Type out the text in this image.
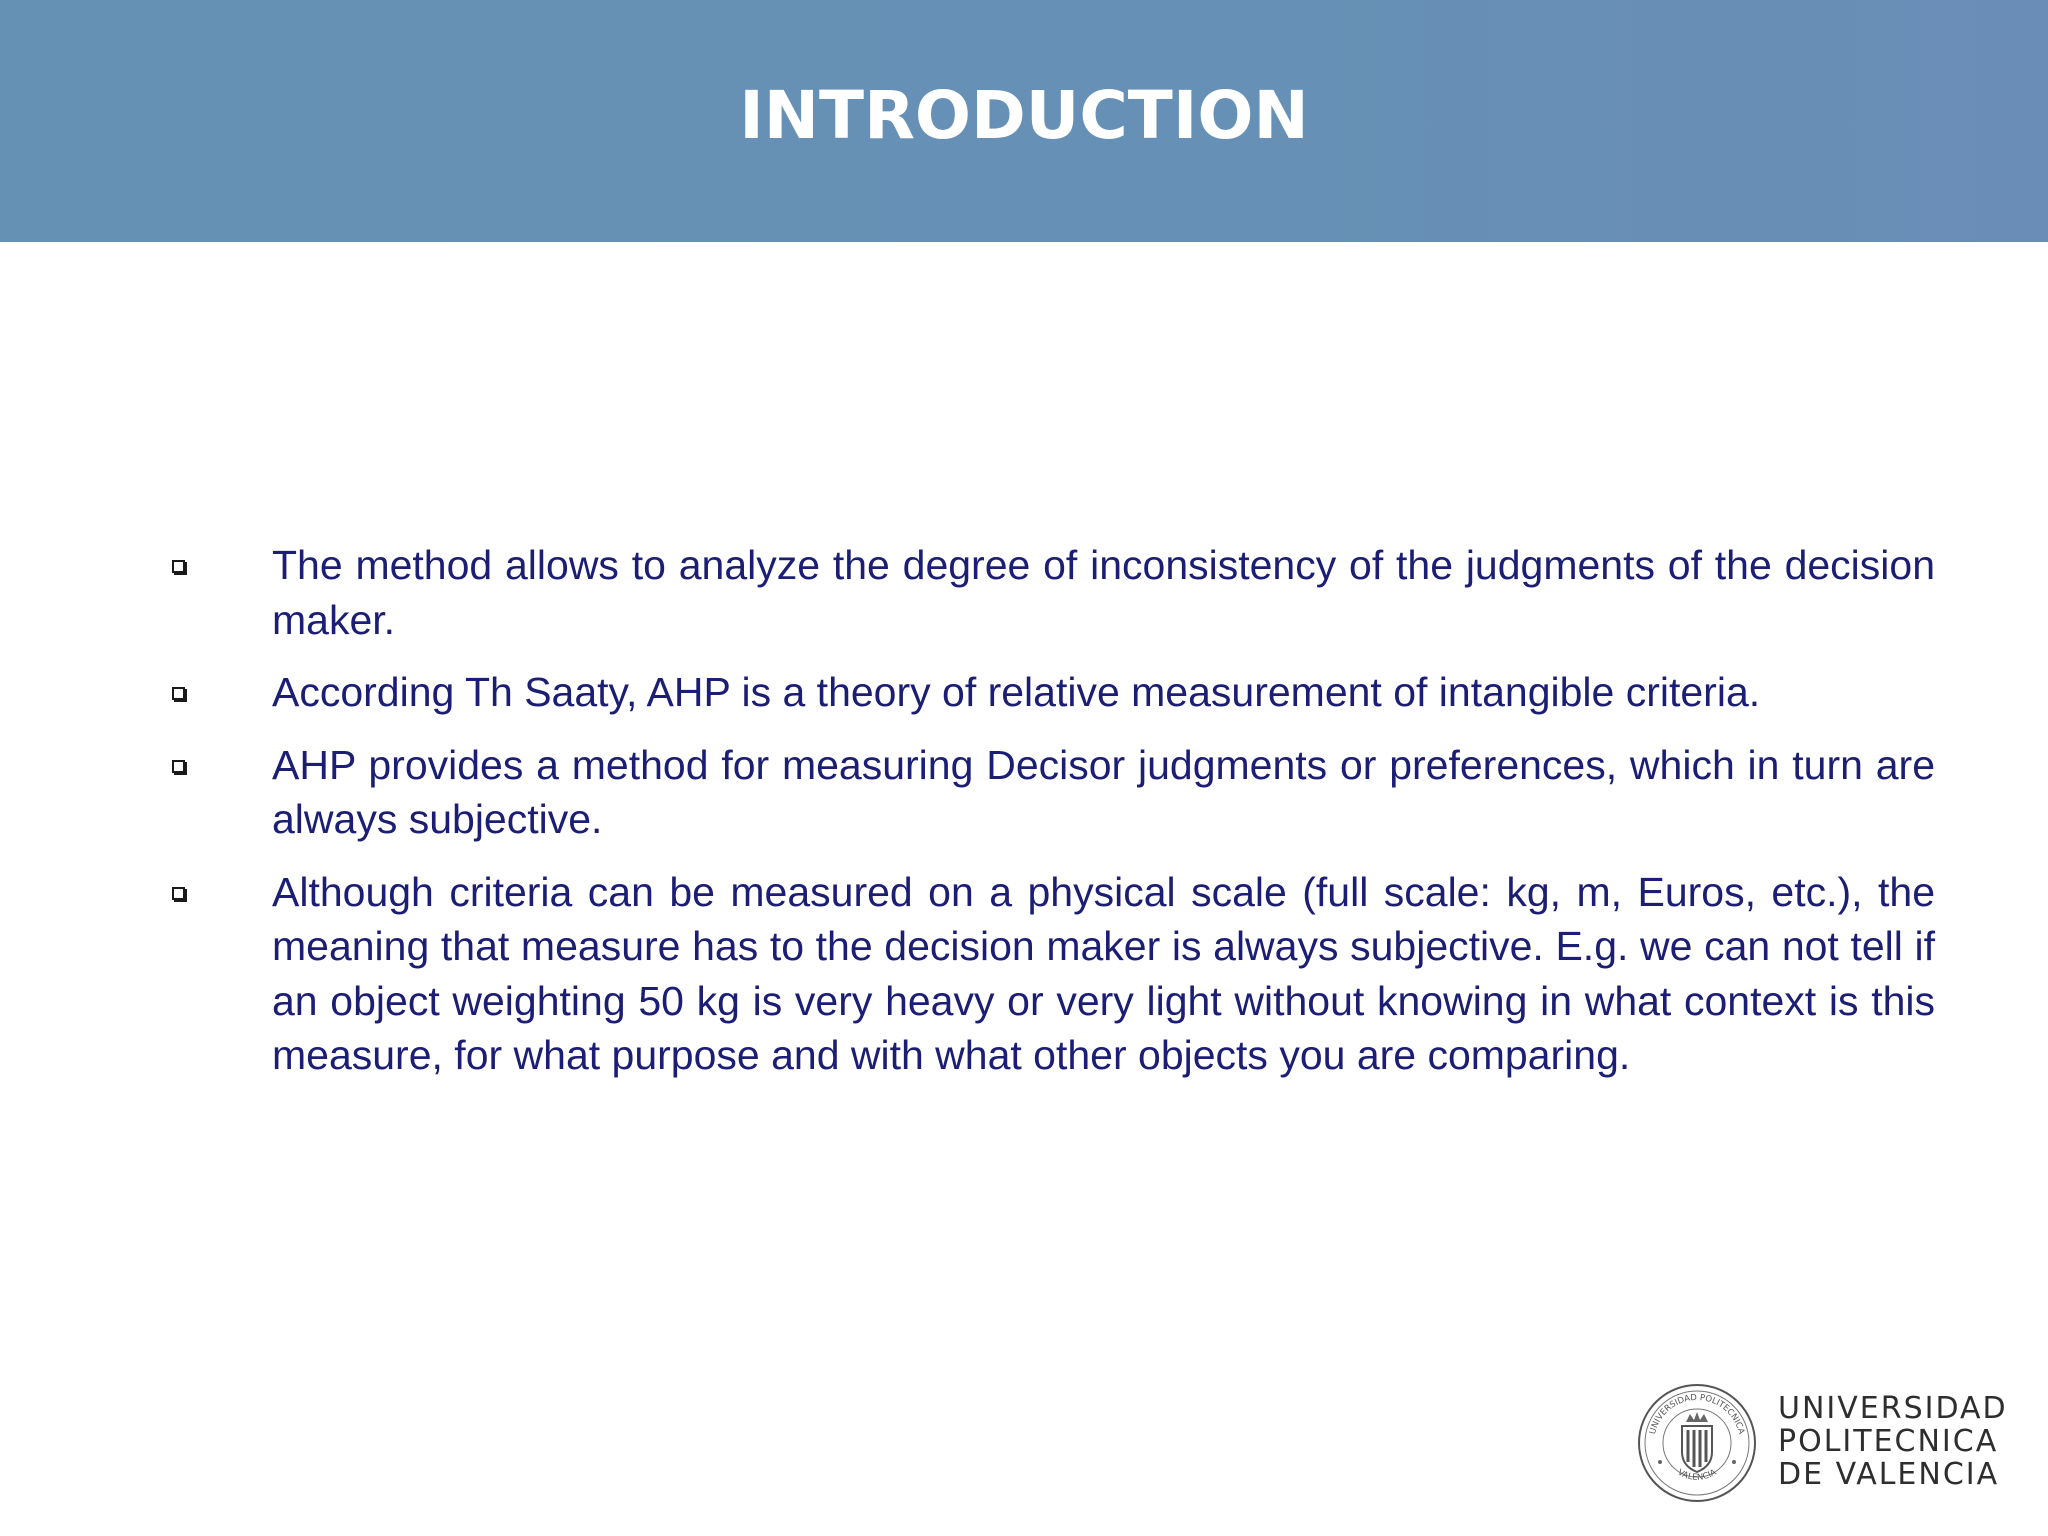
INTRODUCTION
The method allows to analyze the degree of inconsistency of the judgments of the decision maker.
According Th Saaty, AHP is a theory of relative measurement of intangible criteria.
AHP provides a method for measuring Decisor judgments or preferences, which in turn are always subjective.
Although criteria can be measured on a physical scale (full scale: kg, m, Euros, etc.), the meaning that measure has to the decision maker is always subjective. E.g. we can not tell if an object weighting 50 kg is very heavy or very light without knowing in what context is this measure, for what purpose and with what other objects you are comparing.
UNIVERSIDAD POLITECNICA
VALENCIA
UNIVERSIDAD
POLITECNICA
DE VALENCIA
